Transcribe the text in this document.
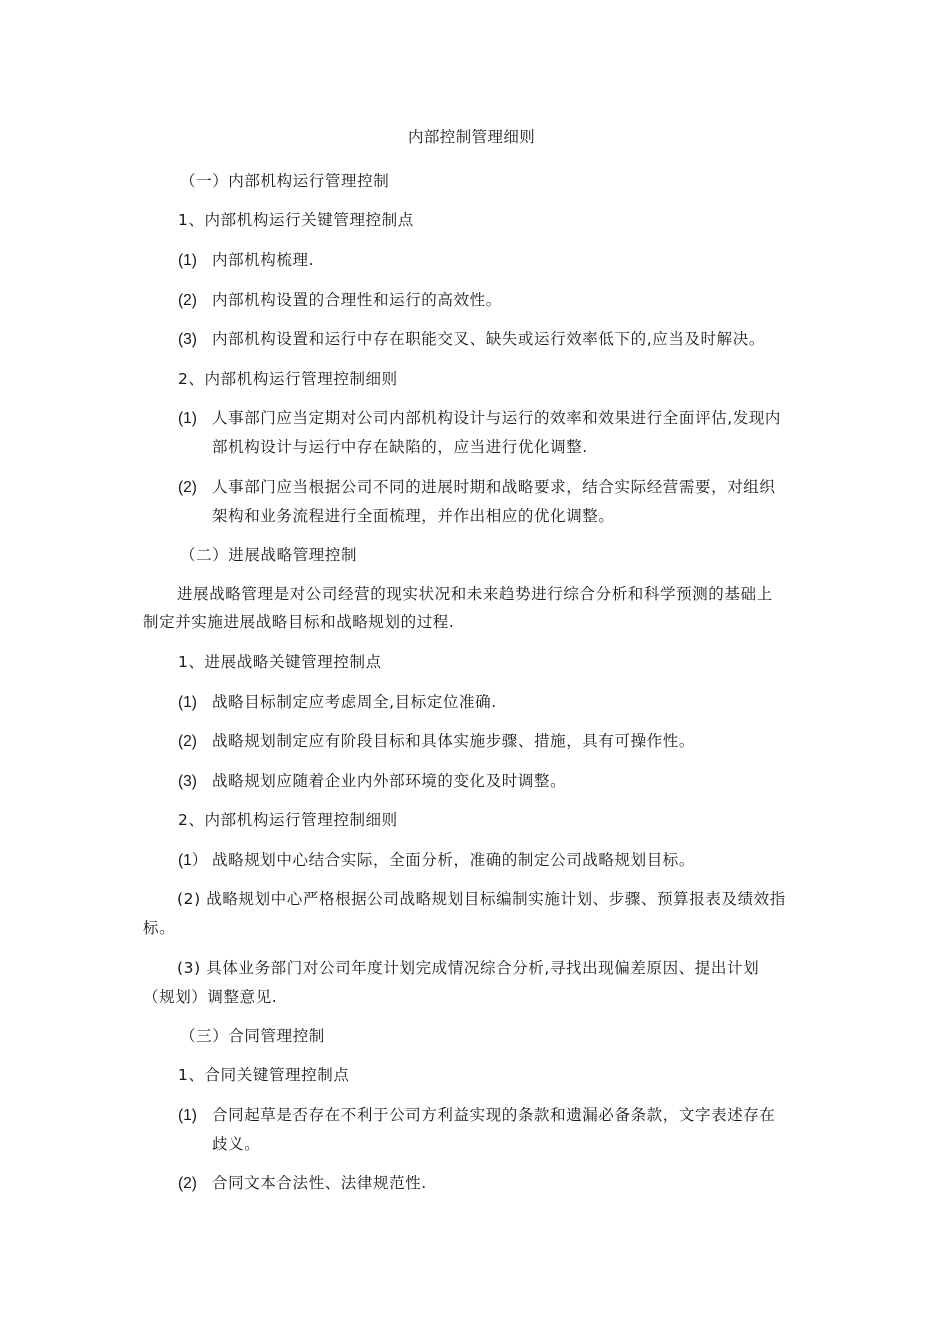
内部控制管理细则
（一）内部机构运行管理控制
1、内部机构运行关键管理控制点
(1) 内部机构梳理.
(2) 内部机构设置的合理性和运行的高效性。
(3) 内部机构设置和运行中存在职能交叉、缺失或运行效率低下的,应当及时解决。
2、内部机构运行管理控制细则
(1) 人事部门应当定期对公司内部机构设计与运行的效率和效果进行全面评估,发现内
部机构设计与运行中存在缺陷的，应当进行优化调整.
(2) 人事部门应当根据公司不同的进展时期和战略要求，结合实际经营需要，对组织
架构和业务流程进行全面梳理，并作出相应的优化调整。
（二）进展战略管理控制
进展战略管理是对公司经营的现实状况和未来趋势进行综合分析和科学预测的基础上
制定并实施进展战略目标和战略规划的过程.
1、进展战略关键管理控制点
(1) 战略目标制定应考虑周全,目标定位准确.
(2) 战略规划制定应有阶段目标和具体实施步骤、措施，具有可操作性。
(3) 战略规划应随着企业内外部环境的变化及时调整。
2、内部机构运行管理控制细则
(1） 战略规划中心结合实际，全面分析，准确的制定公司战略规划目标。
(2) 战略规划中心严格根据公司战略规划目标编制实施计划、步骤、预算报表及绩效指
标。
(3) 具体业务部门对公司年度计划完成情况综合分析,寻找出现偏差原因、提出计划
（规划）调整意见.
（三）合同管理控制
1、合同关键管理控制点
(1) 合同起草是否存在不利于公司方利益实现的条款和遗漏必备条款，文字表述存在
歧义。
(2) 合同文本合法性、法律规范性.
